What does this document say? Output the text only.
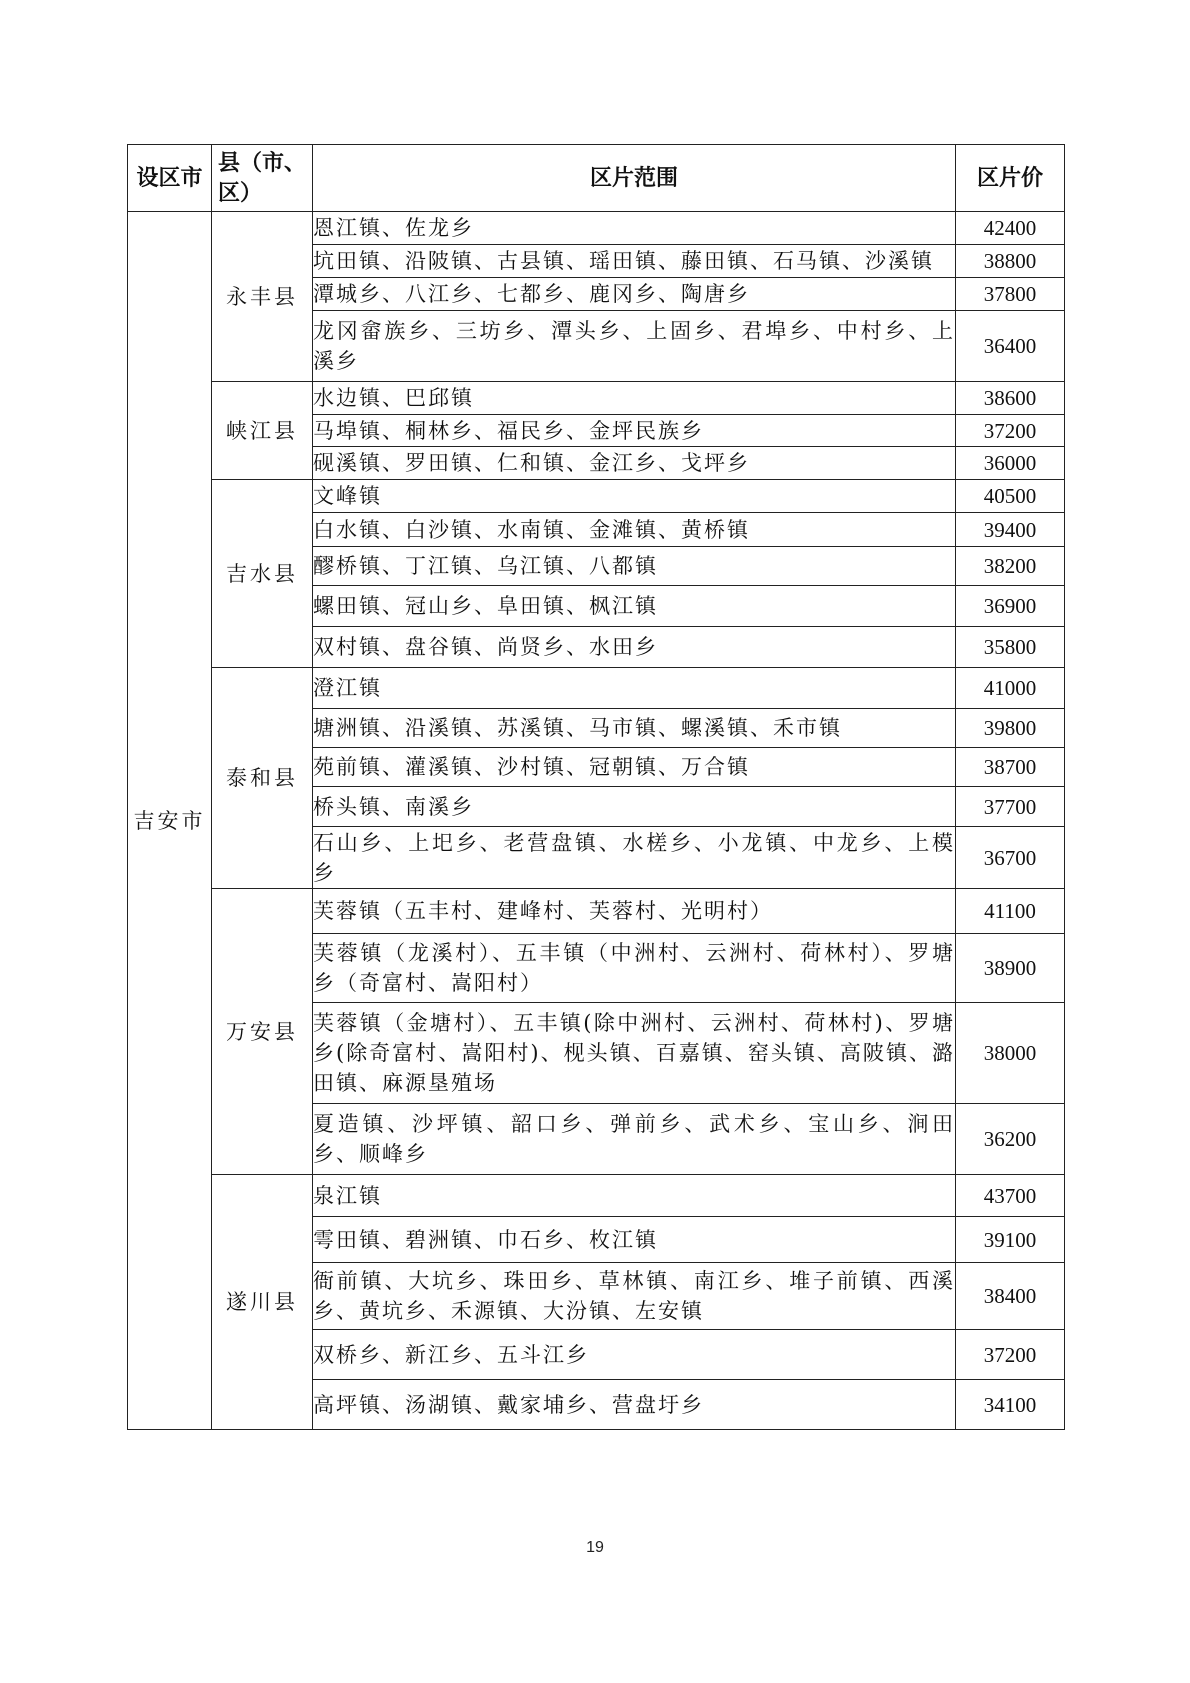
设区市	县（市、区）	区片范围	区片价
吉安市	永丰县	恩江镇、佐龙乡	42400
		坑田镇、沿陂镇、古县镇、瑶田镇、藤田镇、石马镇、沙溪镇	38800
		潭城乡、八江乡、七都乡、鹿冈乡、陶唐乡	37800
		龙冈畲族乡、三坊乡、潭头乡、上固乡、君埠乡、中村乡、上溪乡	36400
	峡江县	水边镇、巴邱镇	38600
		马埠镇、桐林乡、福民乡、金坪民族乡	37200
		砚溪镇、罗田镇、仁和镇、金江乡、戈坪乡	36000
	吉水县	文峰镇	40500
		白水镇、白沙镇、水南镇、金滩镇、黄桥镇	39400
		醪桥镇、丁江镇、乌江镇、八都镇	38200
		螺田镇、冠山乡、阜田镇、枫江镇	36900
		双村镇、盘谷镇、尚贤乡、水田乡	35800
	泰和县	澄江镇	41000
		塘洲镇、沿溪镇、苏溪镇、马市镇、螺溪镇、禾市镇	39800
		苑前镇、灌溪镇、沙村镇、冠朝镇、万合镇	38700
		桥头镇、南溪乡	37700
		石山乡、上圯乡、老营盘镇、水槎乡、小龙镇、中龙乡、上模乡	36700
	万安县	芙蓉镇（五丰村、建峰村、芙蓉村、光明村）	41100
		芙蓉镇（龙溪村）、五丰镇（中洲村、云洲村、荷林村）、罗塘乡（奇富村、嵩阳村）	38900
		芙蓉镇（金塘村）、五丰镇(除中洲村、云洲村、荷林村)、罗塘乡(除奇富村、嵩阳村)、枧头镇、百嘉镇、窑头镇、高陂镇、潞田镇、麻源垦殖场	38000
		夏造镇、沙坪镇、韶口乡、弹前乡、武术乡、宝山乡、涧田乡、顺峰乡	36200
	遂川县	泉江镇	43700
		雩田镇、碧洲镇、巾石乡、枚江镇	39100
		衙前镇、大坑乡、珠田乡、草林镇、南江乡、堆子前镇、西溪乡、黄坑乡、禾源镇、大汾镇、左安镇	38400
		双桥乡、新江乡、五斗江乡	37200
		高坪镇、汤湖镇、戴家埔乡、营盘圩乡	34100
19
